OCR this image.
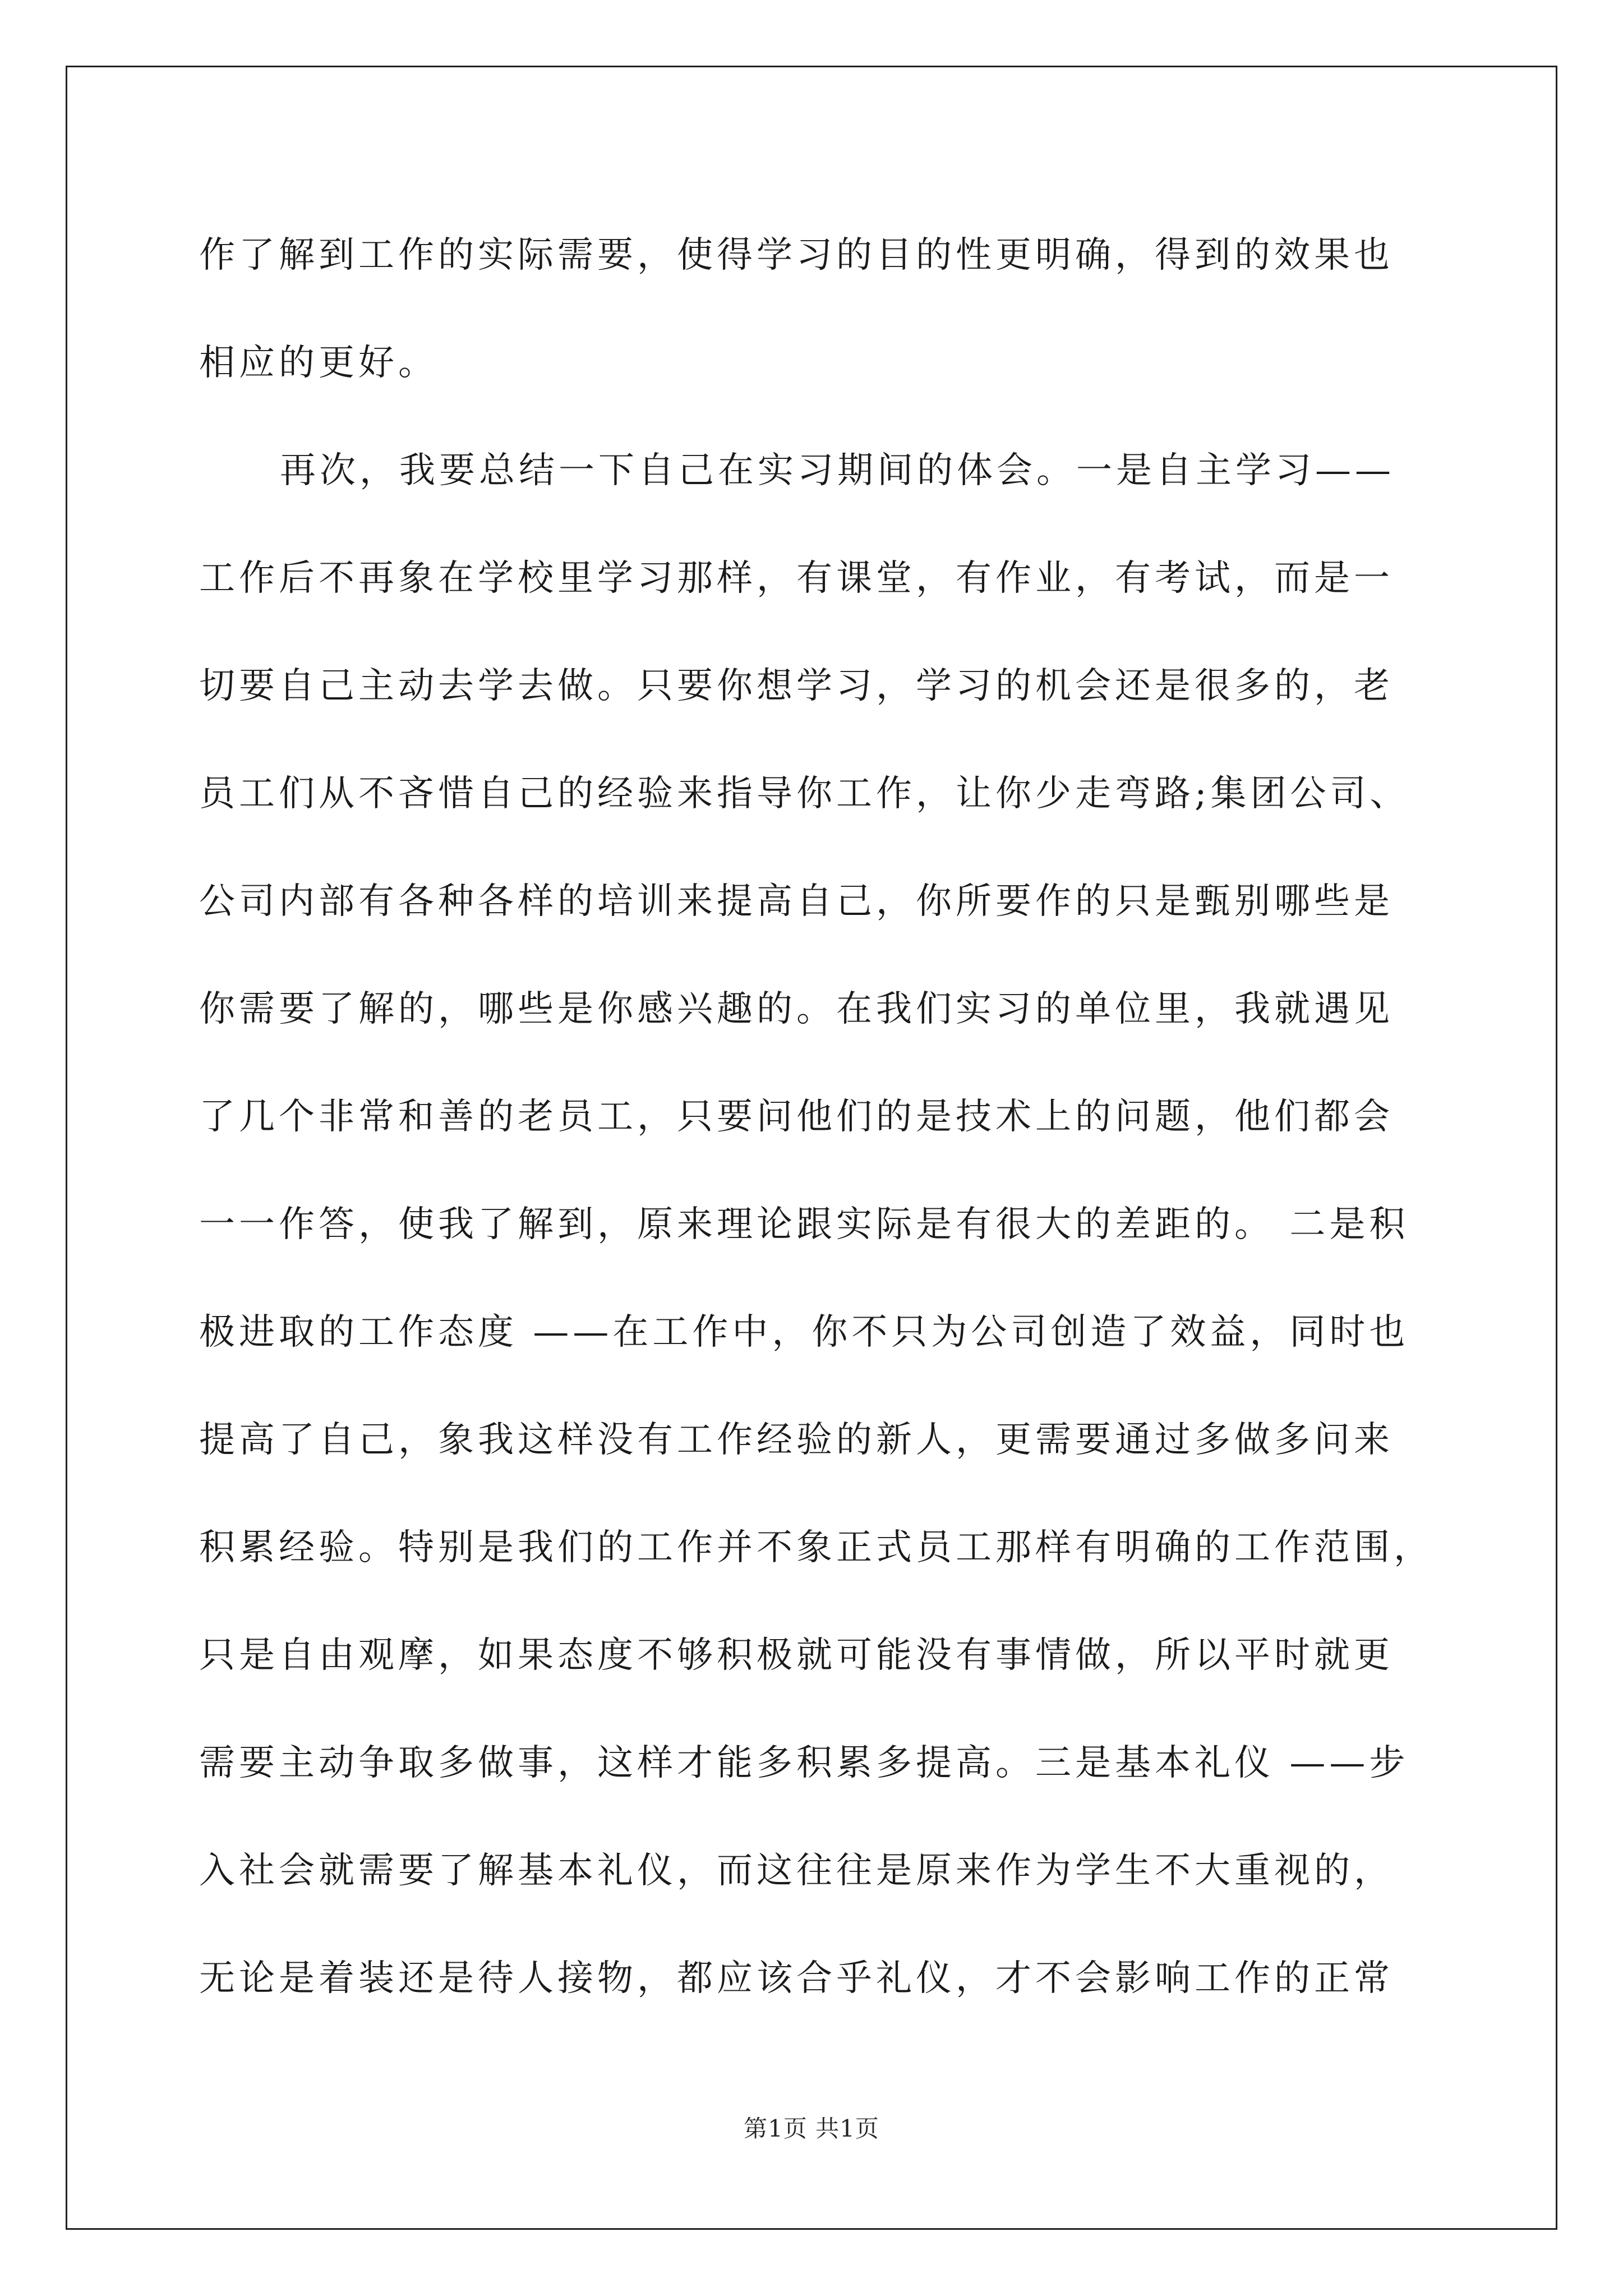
作了解到工作的实际需要，使得学习的目的性更明确，得到的效果也
相应的更好。
再次，我要总结一下自己在实习期间的体会。一是自主学习——
工作后不再象在学校里学习那样，有课堂，有作业，有考试，而是一
切要自己主动去学去做。只要你想学习，学习的机会还是很多的，老
员工们从不吝惜自己的经验来指导你工作，让你少走弯路;集团公司、
公司内部有各种各样的培训来提高自己，你所要作的只是甄别哪些是
你需要了解的，哪些是你感兴趣的。在我们实习的单位里，我就遇见
了几个非常和善的老员工，只要问他们的是技术上的问题，他们都会
一一作答，使我了解到，原来理论跟实际是有很大的差距的。 二是积
极进取的工作态度 ——在工作中，你不只为公司创造了效益，同时也
提高了自己，象我这样没有工作经验的新人，更需要通过多做多问来
积累经验。特别是我们的工作并不象正式员工那样有明确的工作范围，
只是自由观摩，如果态度不够积极就可能没有事情做，所以平时就更
需要主动争取多做事，这样才能多积累多提高。三是基本礼仪 ——步
入社会就需要了解基本礼仪，而这往往是原来作为学生不大重视的，
无论是着装还是待人接物，都应该合乎礼仪，才不会影响工作的正常
第1页 共1页
